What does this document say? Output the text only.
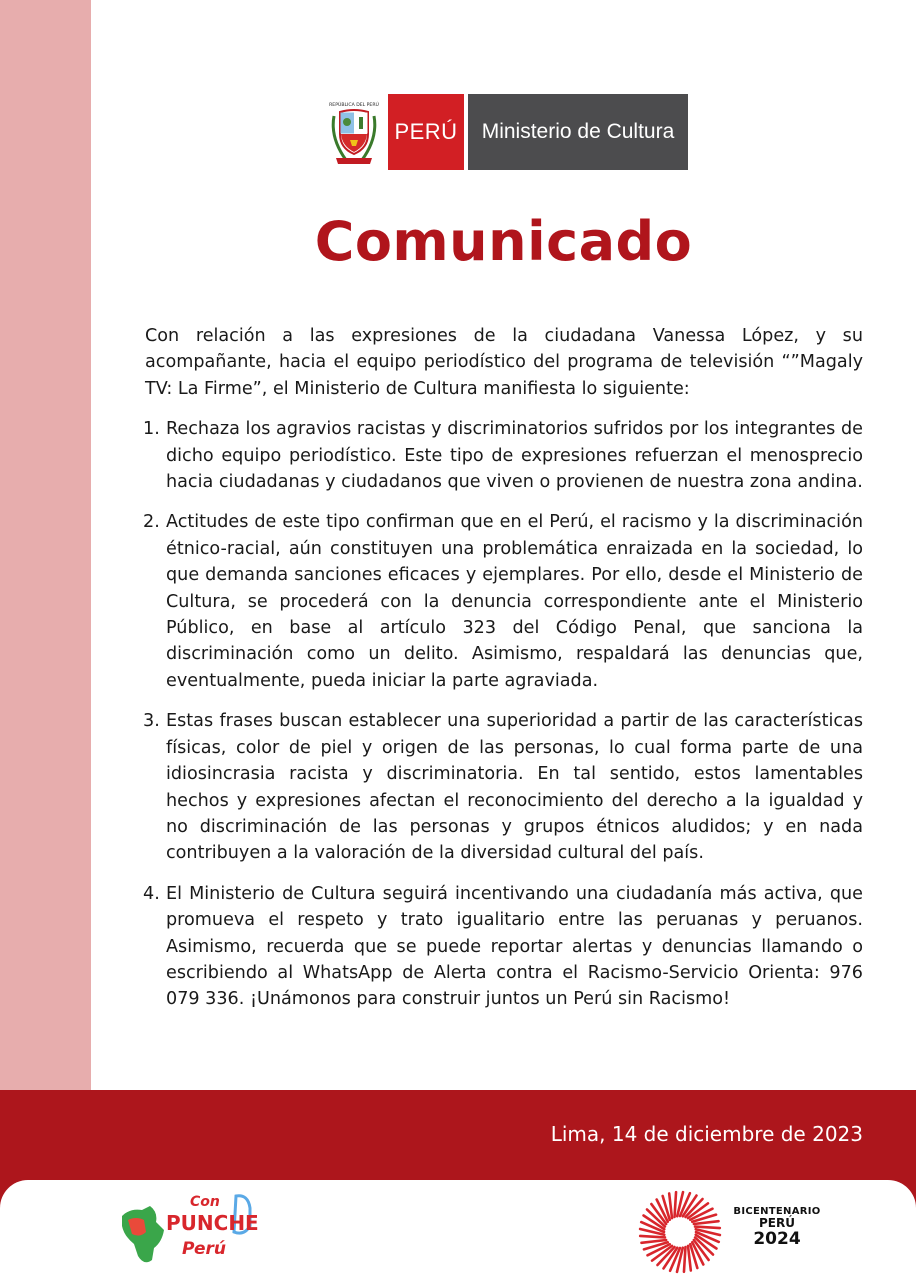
REPÚBLICA DEL PERÚ
PERÚ	Ministerio de Cultura
Comunicado

Con relación a las expresiones de la ciudadana Vanessa López, y su acompañante, hacia el equipo periodístico del programa de televisión “”Magaly TV: La Firme”, el Ministerio de Cultura manifiesta lo siguiente:

1. Rechaza los agravios racistas y discriminatorios sufridos por los integrantes de dicho equipo periodístico. Este tipo de expresiones refuerzan el menosprecio hacia ciudadanas y ciudadanos que viven o provienen de nuestra zona andina.
2. Actitudes de este tipo confirman que en el Perú, el racismo y la discriminación étnico-racial, aún constituyen una problemática enraizada en la sociedad, lo que demanda sanciones eficaces y ejemplares. Por ello, desde el Ministerio de Cultura, se procederá con la denuncia correspondiente ante el Ministerio Público, en base al artículo 323 del Código Penal, que sanciona la discriminación como un delito. Asimismo, respaldará las denuncias que, eventualmente, pueda iniciar la parte agraviada.
3. Estas frases buscan establecer una superioridad a partir de las características físicas, color de piel y origen de las personas, lo cual forma parte de una idiosincrasia racista y discriminatoria. En tal sentido, estos lamentables hechos y expresiones afectan el reconocimiento del derecho a la igualdad y no discriminación de las personas y grupos étnicos aludidos; y en nada contribuyen a la valoración de la diversidad cultural del país.
4. El Ministerio de Cultura seguirá incentivando una ciudadanía más activa, que promueva el respeto y trato igualitario entre las peruanas y peruanos. Asimismo, recuerda que se puede reportar alertas y denuncias llamando o escribiendo al WhatsApp de Alerta contra el Racismo-Servicio Orienta: 976 079 336. ¡Unámonos para construir juntos un Perú sin Racismo!
Lima, 14 de diciembre de 2023
Con
PUNCHE
Perú
BICENTENARIO
PERÚ
2024
